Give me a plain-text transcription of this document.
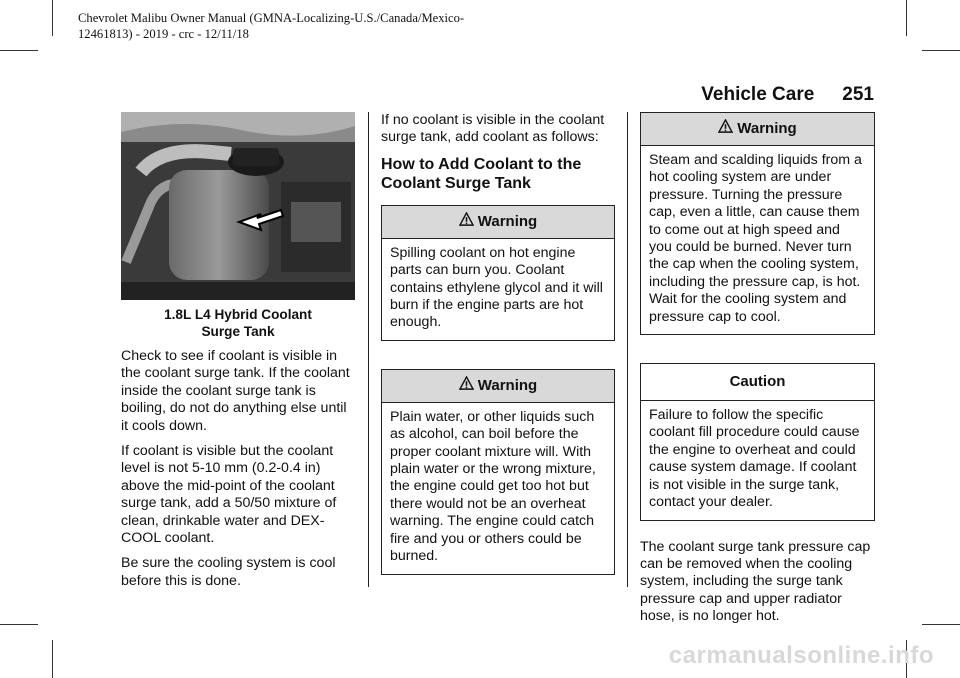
Chevrolet Malibu Owner Manual (GMNA-Localizing-U.S./Canada/Mexico-
12461813) - 2019 - crc - 12/11/18
Vehicle Care 251
1.8L L4 Hybrid Coolant
Surge Tank

Check to see if coolant is visible in the coolant surge tank. If the coolant inside the coolant surge tank is boiling, do not do anything else until it cools down.

If coolant is visible but the coolant level is not 5-10 mm (0.2-0.4 in) above the mid-point of the coolant surge tank, add a 50/50 mixture of clean, drinkable water and DEX-COOL coolant.

Be sure the cooling system is cool before this is done.

If no coolant is visible in the coolant surge tank, add coolant as follows:

How to Add Coolant to the Coolant Surge Tank
Warning
Spilling coolant on hot engine parts can burn you. Coolant contains ethylene glycol and it will burn if the engine parts are hot enough.
Warning
Plain water, or other liquids such as alcohol, can boil before the proper coolant mixture will. With plain water or the wrong mixture, the engine could get too hot but there would not be an overheat warning. The engine could catch fire and you or others could be burned.
Warning
Steam and scalding liquids from a hot cooling system are under pressure. Turning the pressure cap, even a little, can cause them to come out at high speed and you could be burned. Never turn the cap when the cooling system, including the pressure cap, is hot. Wait for the cooling system and pressure cap to cool.
Caution
Failure to follow the specific coolant fill procedure could cause the engine to overheat and could cause system damage. If coolant is not visible in the surge tank, contact your dealer.

The coolant surge tank pressure cap can be removed when the cooling system, including the surge tank pressure cap and upper radiator hose, is no longer hot.

carmanualsonline.info
